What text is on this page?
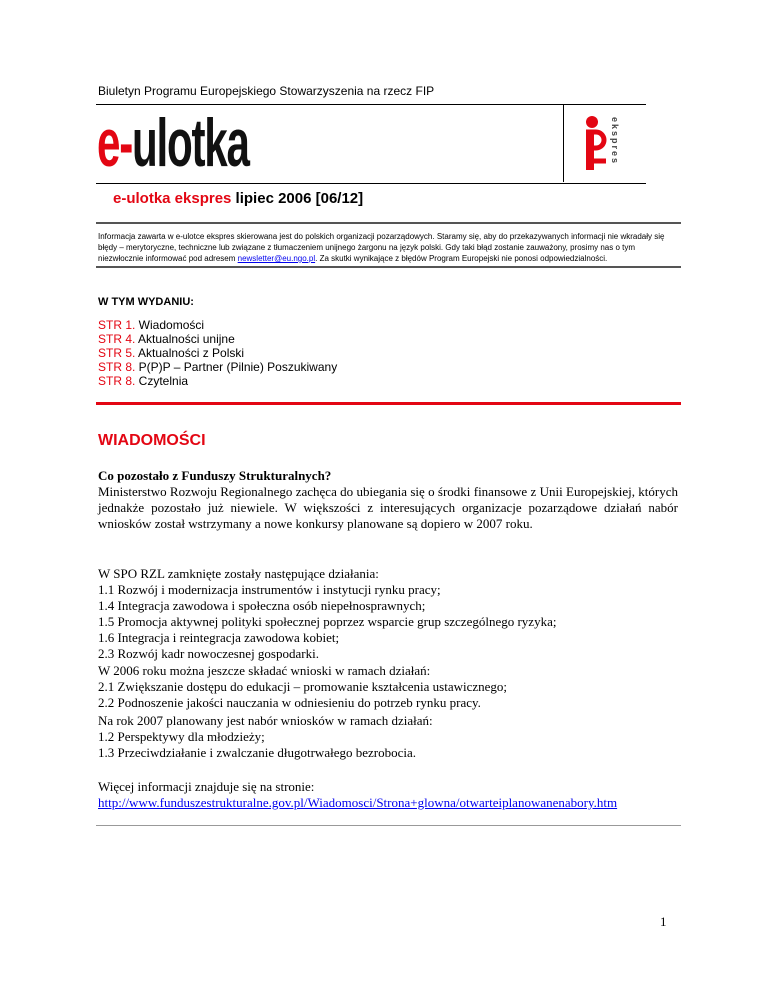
Biuletyn Programu Europejskiego Stowarzyszenia na rzecz FIP
e-ulotka	ekspres
e-ulotka ekspres lipiec 2006 [06/12]
Informacja zawarta w e-ulotce ekspres skierowana jest do polskich organizacji pozarządowych. Staramy się, aby do przekazywanych informacji nie wkradały się błędy – merytoryczne, techniczne lub związane z tłumaczeniem unijnego żargonu na język polski. Gdy taki błąd zostanie zauważony, prosimy nas o tym niezwłocznie informować pod adresem newsletter@eu.ngo.pl. Za skutki wynikające z błędów Program Europejski nie ponosi odpowiedzialności.
W TYM WYDANIU:
STR 1. Wiadomości
STR 4. Aktualności unijne
STR 5. Aktualności z Polski
STR 8. P(P)P – Partner (Pilnie) Poszukiwany
STR 8. Czytelnia
WIADOMOŚCI

Co pozostało z Funduszy Strukturalnych?

Ministerstwo Rozwoju Regionalnego zachęca do ubiegania się o środki finansowe z Unii Europejskiej, których jednakże pozostało już niewiele. W większości z interesujących organizacje pozarządowe działań nabór wniosków został wstrzymany a nowe konkursy planowane są dopiero w 2007 roku.

W SPO RZL zamknięte zostały następujące działania:

1.1 Rozwój i modernizacja instrumentów i instytucji rynku pracy;

1.4 Integracja zawodowa i społeczna osób niepełnosprawnych;

1.5 Promocja aktywnej polityki społecznej poprzez wsparcie grup szczególnego ryzyka;

1.6 Integracja i reintegracja zawodowa kobiet;

2.3 Rozwój kadr nowoczesnej gospodarki.

W 2006 roku można jeszcze składać wnioski w ramach działań:

2.1 Zwiększanie dostępu do edukacji – promowanie kształcenia ustawicznego;

2.2 Podnoszenie jakości nauczania w odniesieniu do potrzeb rynku pracy.

Na rok 2007 planowany jest nabór wniosków w ramach działań:

1.2 Perspektywy dla młodzieży;

1.3 Przeciwdziałanie i zwalczanie długotrwałego bezrobocia.

Więcej informacji znajduje się na stronie:

http://www.funduszestrukturalne.gov.pl/Wiadomosci/Strona+glowna/otwarteiplanowanenabory.htm

1
